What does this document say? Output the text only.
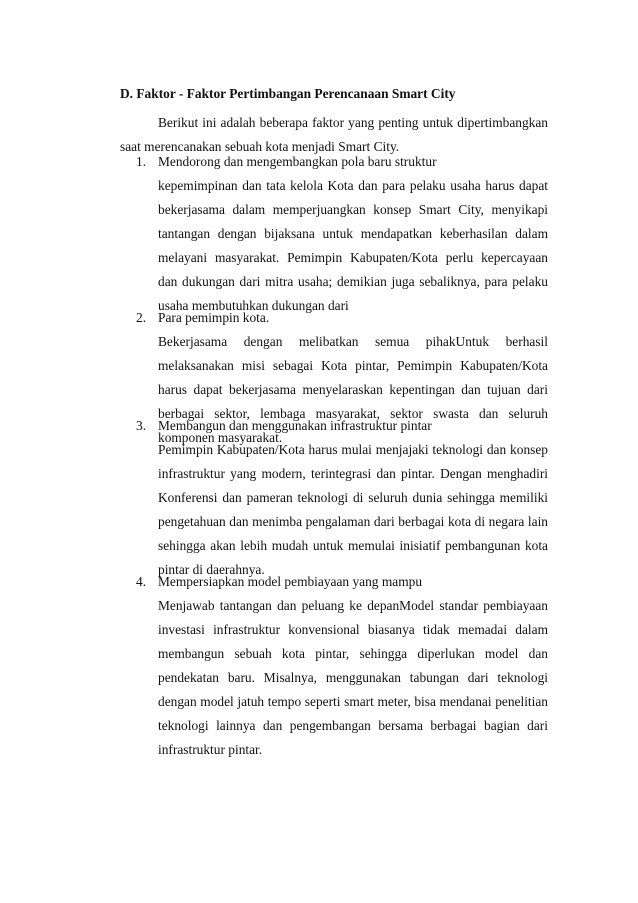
D. Faktor - Faktor Pertimbangan Perencanaan Smart City
Berikut ini adalah beberapa faktor yang penting untuk dipertimbangkan saat merencanakan sebuah kota menjadi Smart City.
1. Mendorong dan mengembangkan pola baru struktur
kepemimpinan dan tata kelola Kota dan para pelaku usaha harus dapat bekerjasama dalam memperjuangkan konsep Smart City, menyikapi tantangan dengan bijaksana untuk mendapatkan keberhasilan dalam melayani masyarakat. Pemimpin Kabupaten/Kota perlu kepercayaan dan dukungan dari mitra usaha; demikian juga sebaliknya, para pelaku usaha membutuhkan dukungan dari
2. Para pemimpin kota.
Bekerjasama dengan melibatkan semua pihakUntuk berhasil melaksanakan misi sebagai Kota pintar, Pemimpin Kabupaten/Kota harus dapat bekerjasama menyelaraskan kepentingan dan tujuan dari berbagai sektor, lembaga masyarakat, sektor swasta dan seluruh komponen masyarakat.
3. Membangun dan menggunakan infrastruktur pintar
Pemimpin Kabupaten/Kota harus mulai menjajaki teknologi dan konsep infrastruktur yang modern, terintegrasi dan pintar. Dengan menghadiri Konferensi dan pameran teknologi di seluruh dunia sehingga memiliki pengetahuan dan menimba pengalaman dari berbagai kota di negara lain sehingga akan lebih mudah untuk memulai inisiatif pembangunan kota pintar di daerahnya.
4. Mempersiapkan model pembiayaan yang mampu
Menjawab tantangan dan peluang ke depanModel standar pembiayaan investasi infrastruktur konvensional biasanya tidak memadai dalam membangun sebuah kota pintar, sehingga diperlukan model dan pendekatan baru. Misalnya, menggunakan tabungan dari teknologi dengan model jatuh tempo seperti smart meter, bisa mendanai penelitian teknologi lainnya dan pengembangan bersama berbagai bagian dari infrastruktur pintar.
